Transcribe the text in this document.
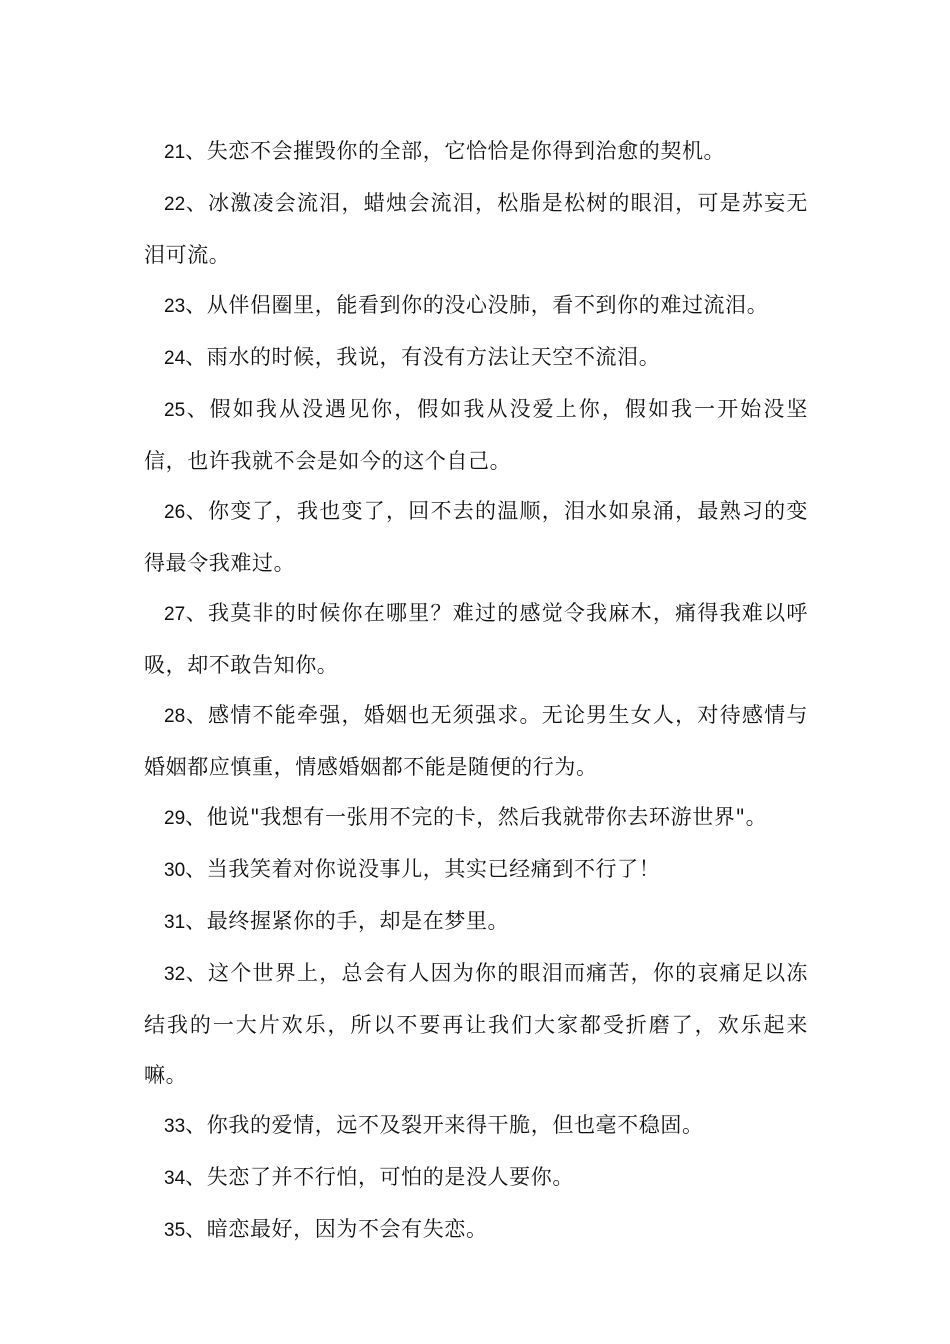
21、失恋不会摧毁你的全部，它恰恰是你得到治愈的契机。

22、冰激凌会流泪，蜡烛会流泪，松脂是松树的眼泪，可是苏妄无泪可流。

23、从伴侣圈里，能看到你的没心没肺，看不到你的难过流泪。

24、雨水的时候，我说，有没有方法让天空不流泪。

25、假如我从没遇见你，假如我从没爱上你，假如我一开始没坚信，也许我就不会是如今的这个自己。

26、你变了，我也变了，回不去的温顺，泪水如泉涌，最熟习的变得最令我难过。

27、我莫非的时候你在哪里？难过的感觉令我麻木，痛得我难以呼吸，却不敢告知你。

28、感情不能牵强，婚姻也无须强求。无论男生女人，对待感情与婚姻都应慎重，情感婚姻都不能是随便的行为。

29、他说"我想有一张用不完的卡，然后我就带你去环游世界"。

30、当我笑着对你说没事儿，其实已经痛到不行了！

31、最终握紧你的手，却是在梦里。

32、这个世界上，总会有人因为你的眼泪而痛苦，你的哀痛足以冻结我的一大片欢乐，所以不要再让我们大家都受折磨了，欢乐起来嘛。

33、你我的爱情，远不及裂开来得干脆，但也毫不稳固。

34、失恋了并不行怕，可怕的是没人要你。

35、暗恋最好，因为不会有失恋。
